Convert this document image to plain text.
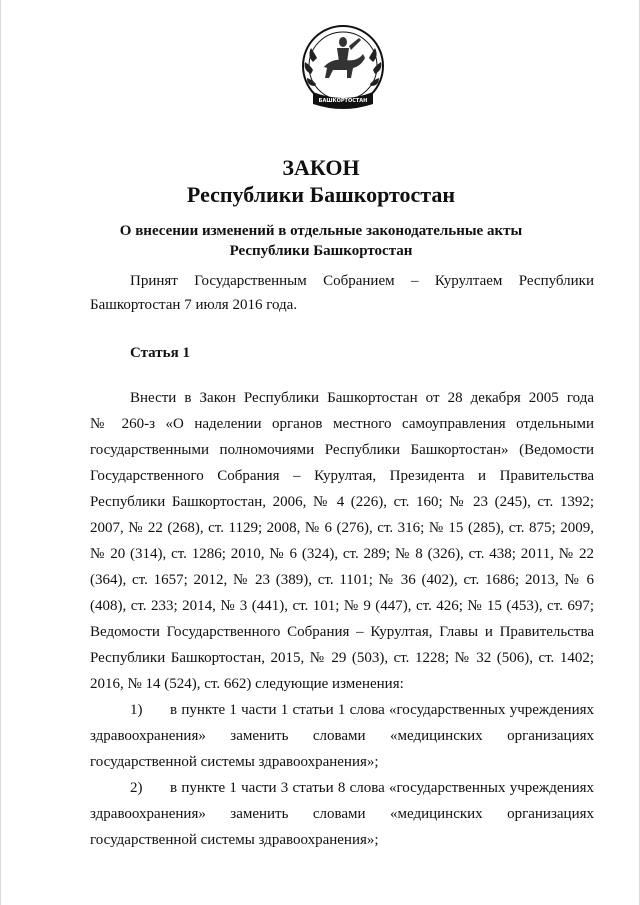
БАШКОРТОСТАН
ЗАКОН
Республики Башкортостан
О внесении изменений в отдельные законодательные акты
Республики Башкортостан
Принят Государственным Собранием – Курултаем Республики
Башкортостан 7 июля 2016 года.
Статья 1
Внести в Закон Республики Башкортостан от 28 декабря 2005 года
№ 260-з «О наделении органов местного самоуправления отдельными
государственными полномочиями Республики Башкортостан» (Ведомости
Государственного Собрания – Курултая, Президента и Правительства
Республики Башкортостан, 2006, № 4 (226), ст. 160; № 23 (245), ст. 1392;
2007, № 22 (268), ст. 1129; 2008, № 6 (276), ст. 316; № 15 (285), ст. 875; 2009,
№ 20 (314), ст. 1286; 2010, № 6 (324), ст. 289; № 8 (326), ст. 438; 2011, № 22
(364), ст. 1657; 2012, № 23 (389), ст. 1101; № 36 (402), ст. 1686; 2013, № 6
(408), ст. 233; 2014, № 3 (441), ст. 101; № 9 (447), ст. 426; № 15 (453), ст. 697;
Ведомости Государственного Собрания – Курултая, Главы и Правительства
Республики Башкортостан, 2015, № 29 (503), ст. 1228; № 32 (506), ст. 1402;
2016, № 14 (524), ст. 662) следующие изменения:
1) в пункте 1 части 1 статьи 1 слова «государственных учреждениях
здравоохранения» заменить словами «медицинских организациях
государственной системы здравоохранения»;
2) в пункте 1 части 3 статьи 8 слова «государственных учреждениях
здравоохранения» заменить словами «медицинских организациях
государственной системы здравоохранения»;
